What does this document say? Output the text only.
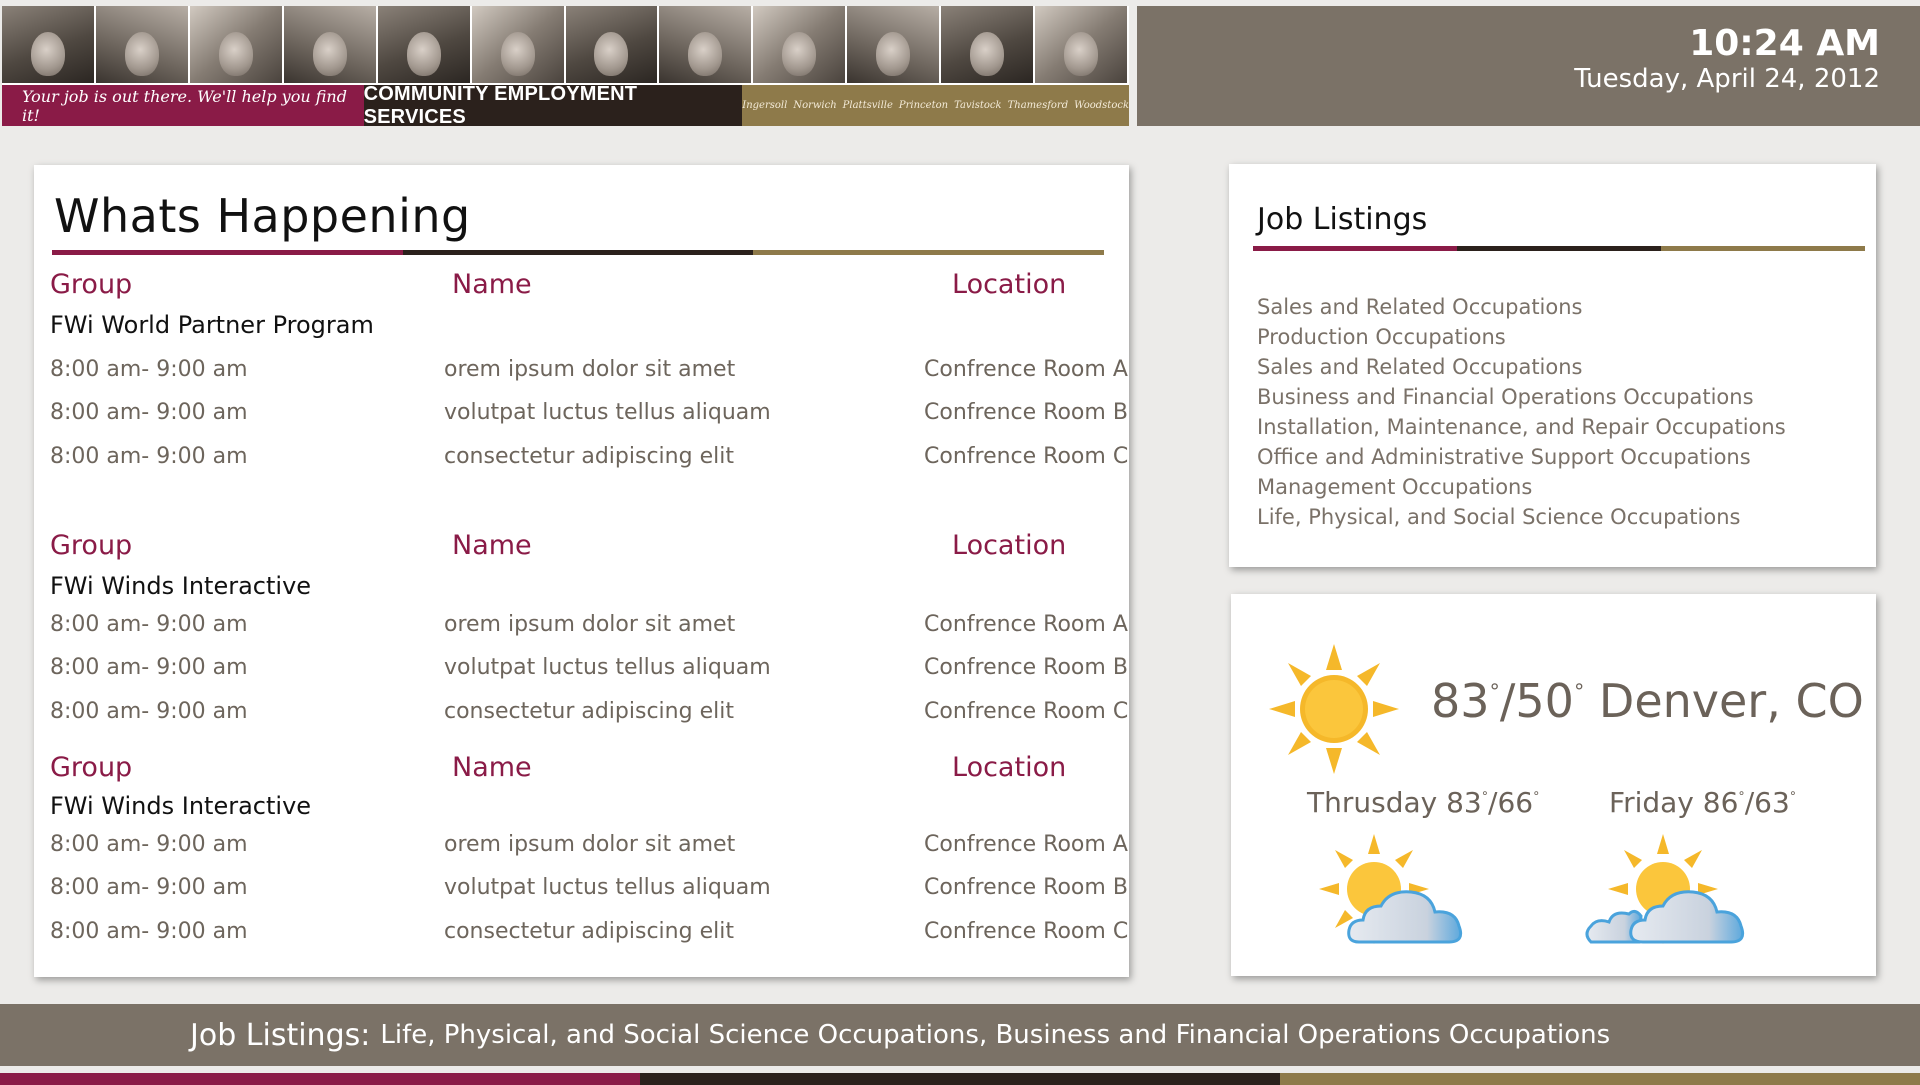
Your job is out there. We'll help you find it!
COMMUNITY EMPLOYMENT SERVICES	Ingersoll Norwich Plattsville Princeton Tavistock Thamesford Woodstock
10:24 AM
Tuesday, April 24, 2012
Whats Happening
Group	Name	Location
FWi World Partner Program
8:00 am- 9:00 am	orem ipsum dolor sit amet	Confrence Room A
8:00 am- 9:00 am	volutpat luctus tellus aliquam	Confrence Room B
8:00 am- 9:00 am	consectetur adipiscing elit	Confrence Room C
Group	Name	Location
FWi Winds Interactive
8:00 am- 9:00 am	orem ipsum dolor sit amet	Confrence Room A
8:00 am- 9:00 am	volutpat luctus tellus aliquam	Confrence Room B
8:00 am- 9:00 am	consectetur adipiscing elit	Confrence Room C
Group	Name	Location
FWi Winds Interactive
8:00 am- 9:00 am	orem ipsum dolor sit amet	Confrence Room A
8:00 am- 9:00 am	volutpat luctus tellus aliquam	Confrence Room B
8:00 am- 9:00 am	consectetur adipiscing elit	Confrence Room C
Job Listings
Sales and Related Occupations
Production Occupations
Sales and Related Occupations
Business and Financial Operations Occupations
Installation, Maintenance, and Repair Occupations
Office and Administrative Support Occupations
Management Occupations
Life, Physical, and Social Science Occupations
83°/50° Denver, CO
Thrusday 83°/66° Friday 86°/63°
Job Listings: Life, Physical, and Social Science Occupations, Business and Financial Operations Occupations
